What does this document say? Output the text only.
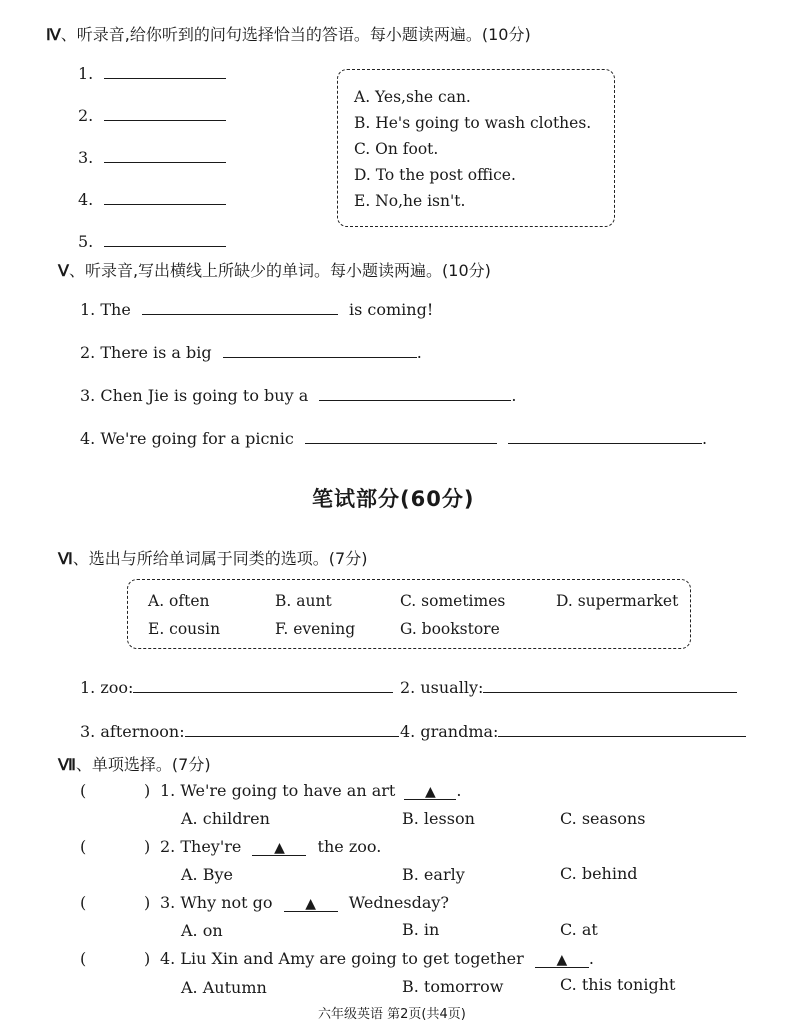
Ⅳ、听录音,给你听到的问句选择恰当的答语。每小题读两遍。(10分)
1.
2.
3.
4.
5.
A. Yes,she can.
B. He's going to wash clothes.
C. On foot.
D. To the post office.
E. No,he isn't.
Ⅴ、听录音,写出横线上所缺少的单词。每小题读两遍。(10分)
1. The	is coming!
2. There is a big	.
3. Chen Jie is going to buy a	.
4. We're going for a picnic	.
笔试部分(60分)
Ⅵ、选出与所给单词属于同类的选项。(7分)
A. often	B. aunt	C. sometimes	D. supermarket
E. cousin	F. evening	G. bookstore
1. zoo:	2. usually:
3. afternoon:	4. grandma:
Ⅶ、单项选择。(7分)
(	) 1. We're going to have an art ▲ .
A. children	B. lesson	C. seasons
(	) 2. They're ▲ the zoo.
A. Bye	B. early	C. behind
(	) 3. Why not go ▲ Wednesday?
A. on	B. in	C. at
(	) 4. Liu Xin and Amy are going to get together ▲ .
A. Autumn	B. tomorrow	C. this tonight
六年级英语 第2页(共4页)
